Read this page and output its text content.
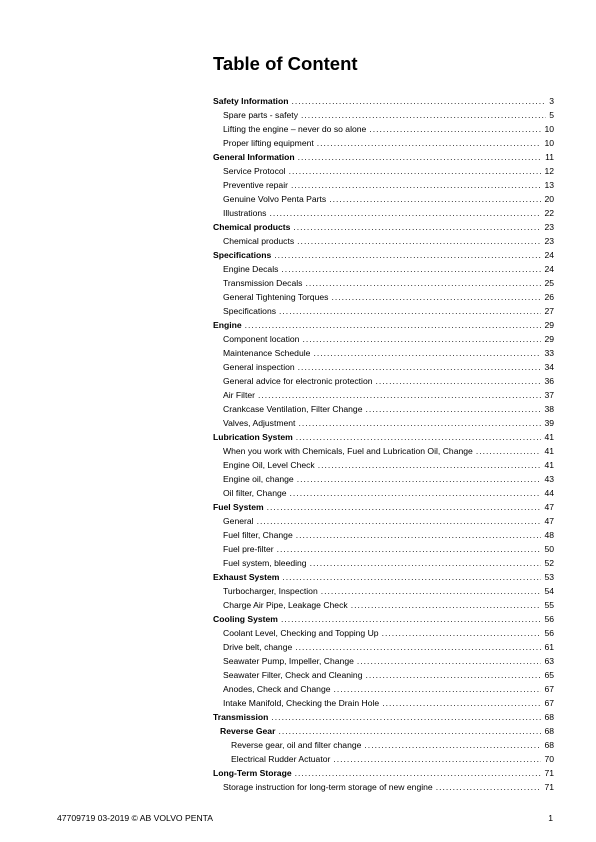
Table of Content
Safety Information .....	3
Spare parts - safety .....	5
Lifting the engine – never do so alone .....	10
Proper lifting equipment .....	10
General Information .....	11
Service Protocol .....	12
Preventive repair .....	13
Genuine Volvo Penta Parts .....	20
Illustrations .....	22
Chemical products .....	23
Chemical products .....	23
Specifications .....	24
Engine Decals .....	24
Transmission Decals .....	25
General Tightening Torques .....	26
Specifications .....	27
Engine .....	29
Component location .....	29
Maintenance Schedule .....	33
General inspection .....	34
General advice for electronic protection .....	36
Air Filter .....	37
Crankcase Ventilation, Filter Change .....	38
Valves, Adjustment .....	39
Lubrication System .....	41
When you work with Chemicals, Fuel and Lubrication Oil, Change .....	41
Engine Oil, Level Check .....	41
Engine oil, change .....	43
Oil filter, Change .....	44
Fuel System .....	47
General .....	47
Fuel filter, Change .....	48
Fuel pre-filter .....	50
Fuel system, bleeding .....	52
Exhaust System .....	53
Turbocharger, Inspection .....	54
Charge Air Pipe, Leakage Check .....	55
Cooling System .....	56
Coolant Level, Checking and Topping Up .....	56
Drive belt, change .....	61
Seawater Pump, Impeller, Change .....	63
Seawater Filter, Check and Cleaning .....	65
Anodes, Check and Change .....	67
Intake Manifold, Checking the Drain Hole .....	67
Transmission .....	68
Reverse Gear .....	68
Reverse gear, oil and filter change .....	68
Electrical Rudder Actuator .....	70
Long-Term Storage .....	71
Storage instruction for long-term storage of new engine .....	71
47709719 03-2019 © AB VOLVO PENTA	1
